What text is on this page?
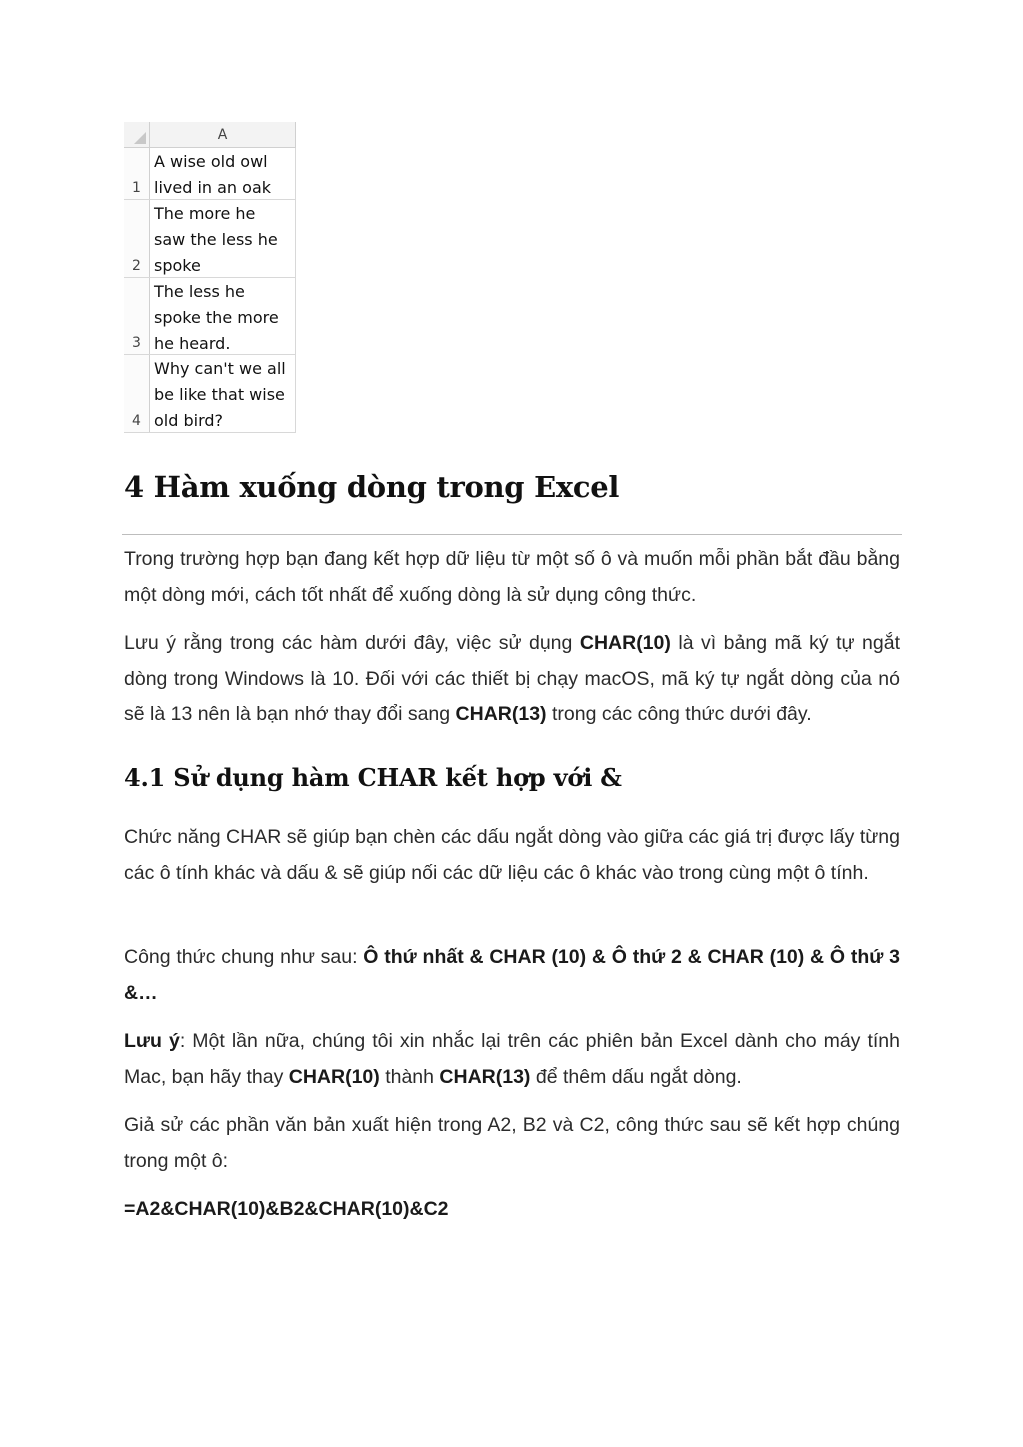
A
1
A wise old owl
lived in an oak
2
The more he
saw the less he
spoke
3
The less he
spoke the more
he heard.
4
Why can't we all
be like that wise
old bird?
4 Hàm xuống dòng trong Excel

Trong trường hợp bạn đang kết hợp dữ liệu từ một số ô và muốn mỗi phần bắt đầu bằng một dòng mới, cách tốt nhất để xuống dòng là sử dụng công thức.

Lưu ý rằng trong các hàm dưới đây, việc sử dụng CHAR(10) là vì bảng mã ký tự ngắt dòng trong Windows là 10. Đối với các thiết bị chạy macOS, mã ký tự ngắt dòng của nó sẽ là 13 nên là bạn nhớ thay đổi sang CHAR(13) trong các công thức dưới đây.

4.1 Sử dụng hàm CHAR kết hợp với &

Chức năng CHAR sẽ giúp bạn chèn các dấu ngắt dòng vào giữa các giá trị được lấy từng các ô tính khác và dấu & sẽ giúp nối các dữ liệu các ô khác vào trong cùng một ô tính.

Công thức chung như sau: Ô thứ nhất & CHAR (10) & Ô thứ 2 & CHAR (10) & Ô thứ 3 &…

Lưu ý: Một lần nữa, chúng tôi xin nhắc lại trên các phiên bản Excel dành cho máy tính Mac, bạn hãy thay CHAR(10) thành CHAR(13) để thêm dấu ngắt dòng.

Giả sử các phần văn bản xuất hiện trong A2, B2 và C2, công thức sau sẽ kết hợp chúng trong một ô:

=A2&CHAR(10)&B2&CHAR(10)&C2
